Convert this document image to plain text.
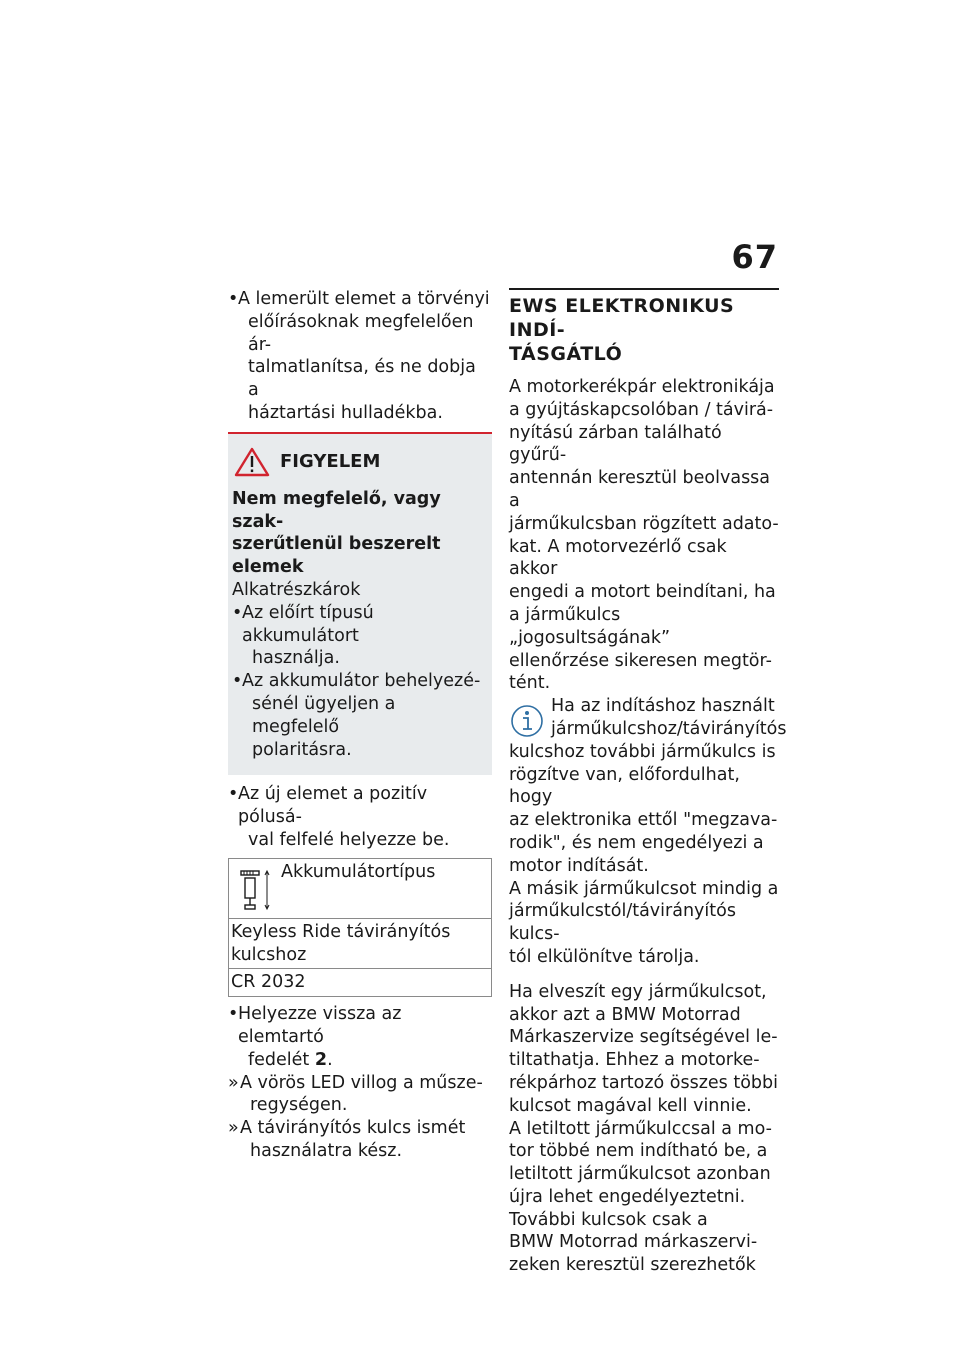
67
• A lemerült elemet a törvényi
előírásoknak megfelelően ár-
talmatlanítsa, és ne dobja a
háztartási hulladékba.
FIGYELEM
Nem megfelelő, vagy szak-
szerűtlenül beszerelt elemek
Alkatrészkárok
• Az előírt típusú akkumulátort
használja.
• Az akkumulátor behelyezé-
sénél ügyeljen a megfelelő
polaritásra.
• Az új elemet a pozitív pólusá-
val felfelé helyezze be.
Akkumulátortípus
Keyless Ride távirányítós
kulcshoz
CR 2032
• Helyezze vissza az elemtartó
fedelét 2.
» A vörös LED villog a műsze-
regységen.
» A távirányítós kulcs ismét
használatra kész.
EWS ELEKTRONIKUS INDÍ-
TÁSGÁTLÓ
A motorkerékpár elektronikája
a gyújtáskapcsolóban / távirá-
nyítású zárban található gyűrű-
antennán keresztül beolvassa a
járműkulcsban rögzített adato-
kat. A motorvezérlő csak akkor
engedi a motort beindítani, ha
a járműkulcs „jogosultságának”
ellenőrzése sikeresen megtör-
tént.
Ha az indításhoz használt
járműkulcshoz/távirányítós
kulcshoz további járműkulcs is
rögzítve van, előfordulhat, hogy
az elektronika ettől "megzava-
rodik", és nem engedélyezi a
motor indítását.
A másik járműkulcsot mindig a
járműkulcstól/távirányítós kulcs-
tól elkülönítve tárolja.
Ha elveszít egy járműkulcsot,
akkor azt a BMW Motorrad
Márkaszervize segítségével le-
tiltathatja. Ehhez a motorke-
rékpárhoz tartozó összes többi
kulcsot magával kell vinnie.
A letiltott járműkulccsal a mo-
tor többé nem indítható be, a
letiltott járműkulcsot azonban
újra lehet engedélyeztetni.
További kulcsok csak a
BMW Motorrad márkaszervi-
zeken keresztül szerezhetők
